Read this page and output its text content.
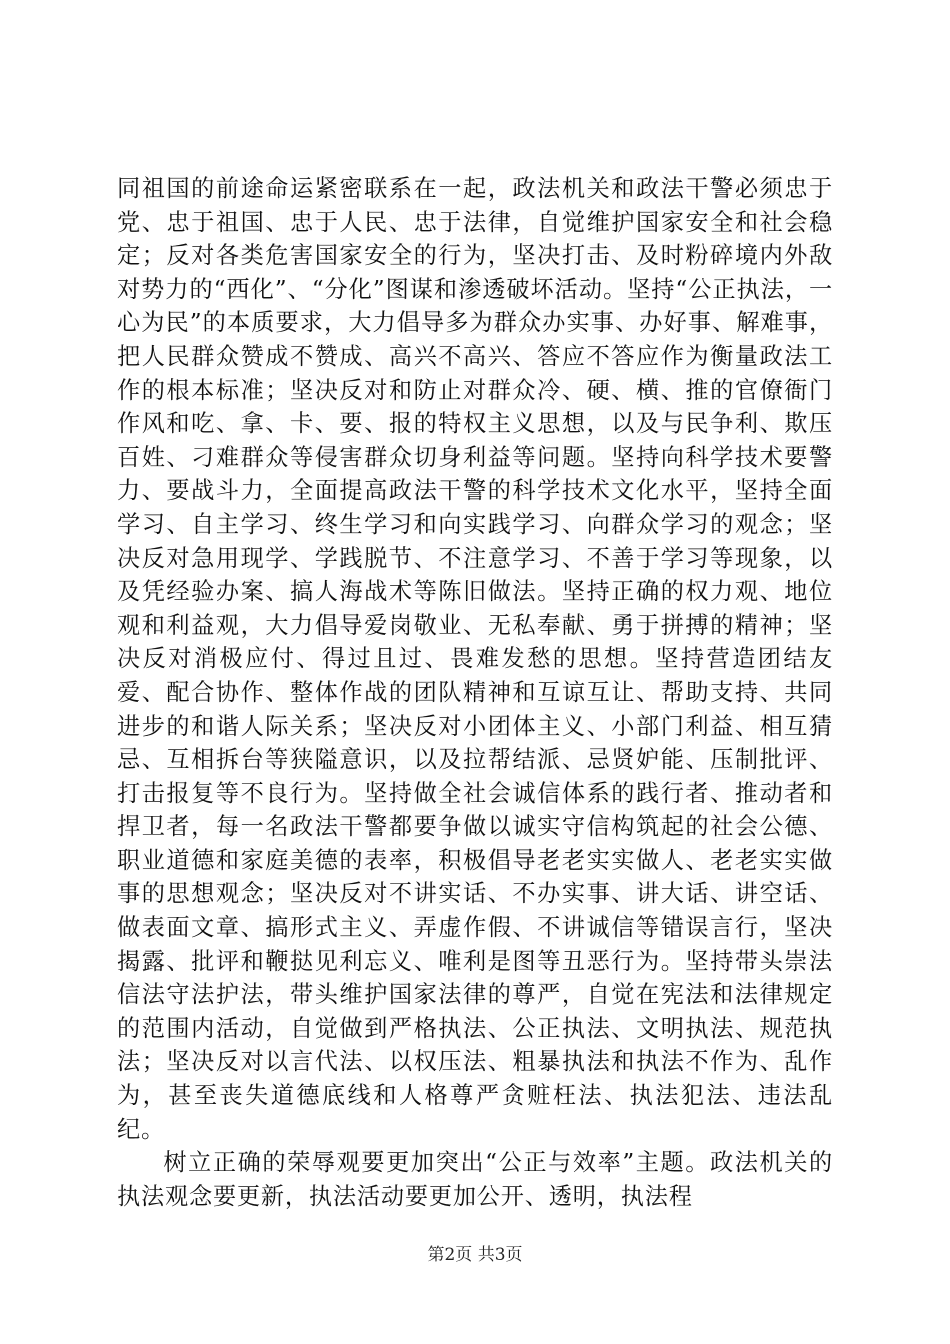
同祖国的前途命运紧密联系在一起，政法机关和政法干警必须忠于党、忠于祖国、忠于人民、忠于法律，自觉维护国家安全和社会稳定；反对各类危害国家安全的行为，坚决打击、及时粉碎境内外敌对势力的“西化”、“分化”图谋和渗透破坏活动。坚持“公正执法，一心为民”的本质要求，大力倡导多为群众办实事、办好事、解难事，把人民群众赞成不赞成、高兴不高兴、答应不答应作为衡量政法工作的根本标准；坚决反对和防止对群众冷、硬、横、推的官僚衙门作风和吃、拿、卡、要、报的特权主义思想，以及与民争利、欺压百姓、刁难群众等侵害群众切身利益等问题。坚持向科学技术要警力、要战斗力，全面提高政法干警的科学技术文化水平，坚持全面学习、自主学习、终生学习和向实践学习、向群众学习的观念；坚决反对急用现学、学践脱节、不注意学习、不善于学习等现象，以及凭经验办案、搞人海战术等陈旧做法。坚持正确的权力观、地位观和利益观，大力倡导爱岗敬业、无私奉献、勇于拼搏的精神；坚决反对消极应付、得过且过、畏难发愁的思想。坚持营造团结友爱、配合协作、整体作战的团队精神和互谅互让、帮助支持、共同进步的和谐人际关系；坚决反对小团体主义、小部门利益、相互猜忌、互相拆台等狭隘意识，以及拉帮结派、忌贤妒能、压制批评、打击报复等不良行为。坚持做全社会诚信体系的践行者、推动者和捍卫者，每一名政法干警都要争做以诚实守信构筑起的社会公德、职业道德和家庭美德的表率，积极倡导老老实实做人、老老实实做事的思想观念；坚决反对不讲实话、不办实事、讲大话、讲空话、做表面文章、搞形式主义、弄虚作假、不讲诚信等错误言行，坚决揭露、批评和鞭挞见利忘义、唯利是图等丑恶行为。坚持带头崇法信法守法护法，带头维护国家法律的尊严，自觉在宪法和法律规定的范围内活动，自觉做到严格执法、公正执法、文明执法、规范执法；坚决反对以言代法、以权压法、粗暴执法和执法不作为、乱作为，甚至丧失道德底线和人格尊严贪赃枉法、执法犯法、违法乱纪。

树立正确的荣辱观要更加突出“公正与效率”主题。政法机关的执法观念要更新，执法活动要更加公开、透明，执法程

第2页 共3页
